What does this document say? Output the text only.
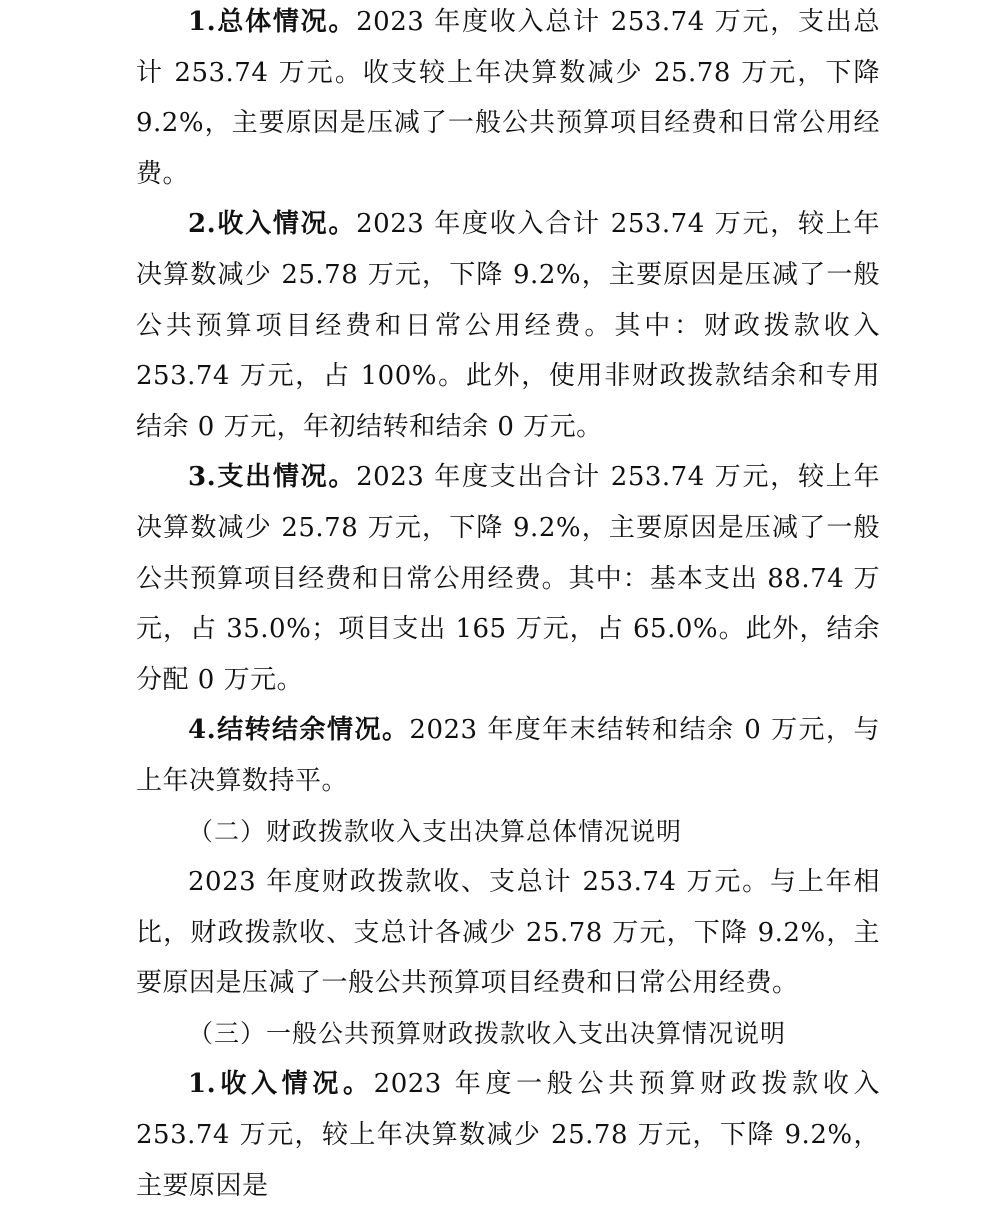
1.总体情况。2023 年度收入总计 253.74 万元，支出总计 253.74 万元。收支较上年决算数减少 25.78 万元，下降 9.2%，主要原因是压减了一般公共预算项目经费和日常公用经费。

2.收入情况。2023 年度收入合计 253.74 万元，较上年决算数减少 25.78 万元，下降 9.2%，主要原因是压减了一般公共预算项目经费和日常公用经费。其中：财政拨款收入 253.74 万元，占 100%。此外，使用非财政拨款结余和专用结余 0 万元，年初结转和结余 0 万元。

3.支出情况。2023 年度支出合计 253.74 万元，较上年决算数减少 25.78 万元，下降 9.2%，主要原因是压减了一般公共预算项目经费和日常公用经费。其中：基本支出 88.74 万元，占 35.0%；项目支出 165 万元，占 65.0%。此外，结余分配 0 万元。

4.结转结余情况。2023 年度年末结转和结余 0 万元，与上年决算数持平。

（二）财政拨款收入支出决算总体情况说明

2023 年度财政拨款收、支总计 253.74 万元。与上年相比，财政拨款收、支总计各减少 25.78 万元，下降 9.2%，主要原因是压减了一般公共预算项目经费和日常公用经费。

（三）一般公共预算财政拨款收入支出决算情况说明

1.收入情况。2023 年度一般公共预算财政拨款收入 253.74 万元，较上年决算数减少 25.78 万元，下降 9.2%，主要原因是
